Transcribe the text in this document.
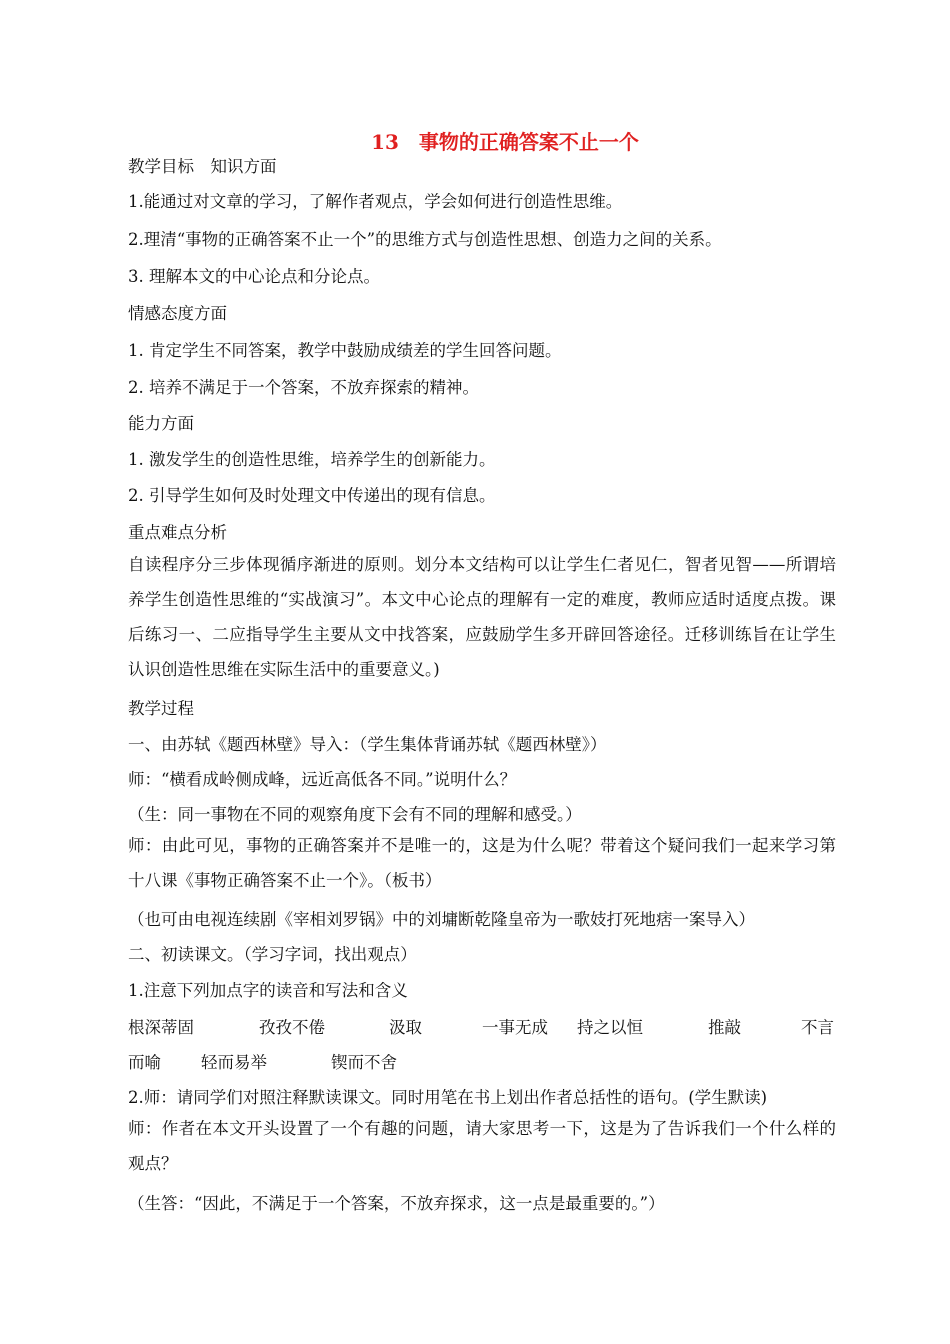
13　事物的正确答案不止一个
教学目标　知识方面
1.能通过对文章的学习，了解作者观点，学会如何进行创造性思维。
2.理清“事物的正确答案不止一个”的思维方式与创造性思想、创造力之间的关系。
3. 理解本文的中心论点和分论点。
情感态度方面
1. 肯定学生不同答案，教学中鼓励成绩差的学生回答问题。
2. 培养不满足于一个答案，不放弃探索的精神。
能力方面
1. 激发学生的创造性思维，培养学生的创新能力。
2. 引导学生如何及时处理文中传递出的现有信息。
重点难点分析

自读程序分三步体现循序渐进的原则。划分本文结构可以让学生仁者见仁，智者见智——所谓培养学生创造性思维的“实战演习”。本文中心论点的理解有一定的难度，教师应适时适度点拨。课后练习一、二应指导学生主要从文中找答案，应鼓励学生多开辟回答途径。迁移训练旨在让学生认识创造性思维在实际生活中的重要意义。)

教学过程
一、由苏轼《题西林壁》导入：（学生集体背诵苏轼《题西林壁》）
师：“横看成岭侧成峰，远近高低各不同。”说明什么？
（生：同一事物在不同的观察角度下会有不同的理解和感受。）

师：由此可见，事物的正确答案并不是唯一的，这是为什么呢？带着这个疑问我们一起来学习第十八课《事物正确答案不止一个》。（板书）

（也可由电视连续剧《宰相刘罗锅》中的刘墉断乾隆皇帝为一歌妓打死地痞一案导入）
二、初读课文。（学习字词，找出观点）
1.注意下列加点字的读音和写法和含义
根深蒂固	孜孜不倦	汲取	一事无成 持之以恒	推敲	不言
而喻 轻而易举	锲而不舍
2.师：请同学们对照注释默读课文。同时用笔在书上划出作者总括性的语句。(学生默读)

师：作者在本文开头设置了一个有趣的问题，请大家思考一下，这是为了告诉我们一个什么样的观点？

（生答：“因此，不满足于一个答案，不放弃探求，这一点是最重要的。”）
